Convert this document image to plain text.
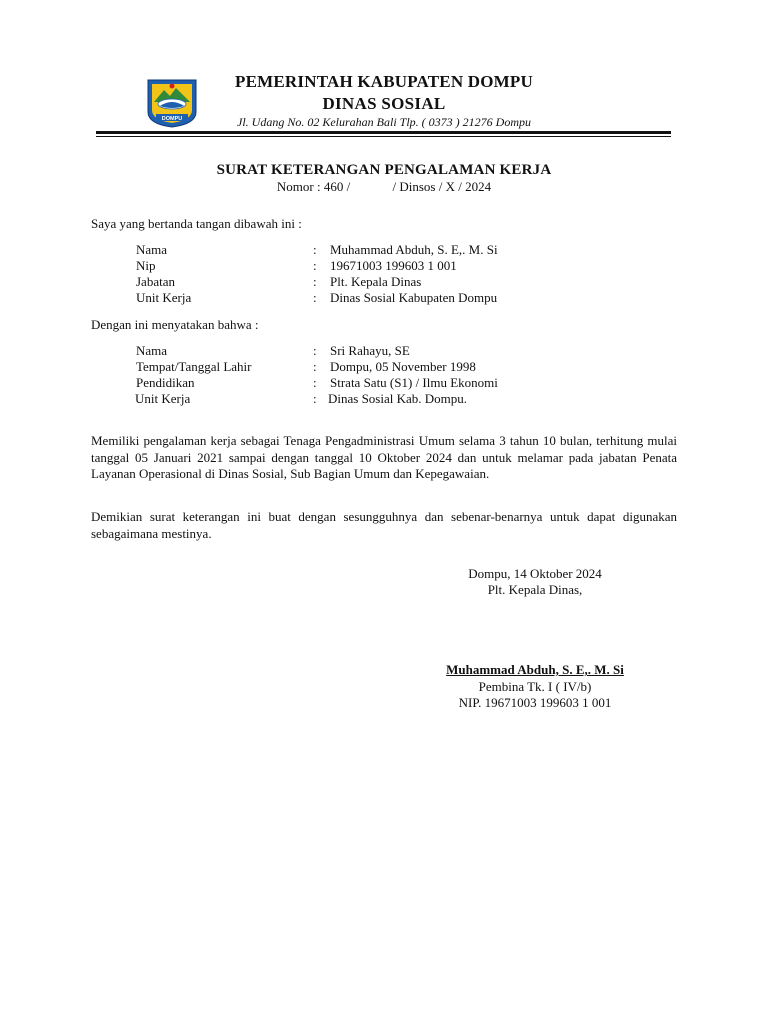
DOMPU
PEMERINTAH KABUPATEN DOMPU
DINAS SOSIAL
Jl. Udang No. 02 Kelurahan Bali Tlp. ( 0373 ) 21276 Dompu
SURAT KETERANGAN PENGALAMAN KERJA
Nomor : 460 /             / Dinsos / X / 2024
Saya yang bertanda tangan dibawah ini :
Nama	: Muhammad Abduh, S. E,. M. Si
Nip	: 19671003 199603 1 001
Jabatan	: Plt. Kepala Dinas
Unit Kerja	: Dinas Sosial Kabupaten Dompu
Dengan ini menyatakan bahwa :
Nama	: Sri Rahayu, SE
Tempat/Tanggal Lahir	: Dompu, 05 November 1998
Pendidikan	: Strata Satu (S1) / Ilmu Ekonomi
Unit Kerja	: Dinas Sosial Kab. Dompu.
Memiliki pengalaman kerja sebagai Tenaga Pengadministrasi Umum selama 3 tahun 10 bulan, terhitung mulai tanggal 05 Januari 2021 sampai dengan tanggal 10 Oktober 2024 dan untuk melamar pada jabatan Penata Layanan Operasional di Dinas Sosial, Sub Bagian Umum dan Kepegawaian.
Demikian surat keterangan ini buat dengan sesungguhnya dan sebenar-benarnya untuk dapat digunakan sebagaimana mestinya.
Dompu, 14 Oktober 2024
Plt. Kepala Dinas,
Muhammad Abduh, S. E,. M. Si
Pembina Tk. I ( IV/b)
NIP. 19671003 199603 1 001
